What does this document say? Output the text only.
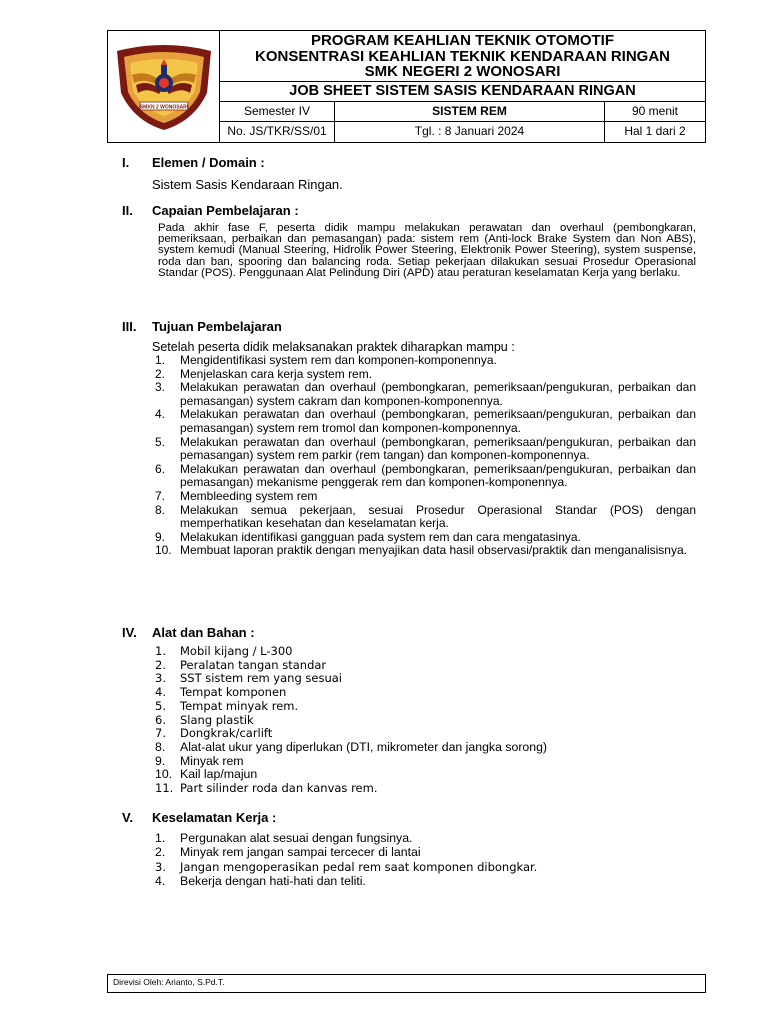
SMKN 2 WONOSARI
PROGRAM KEAHLIAN TEKNIK OTOMOTIF
KONSENTRASI KEAHLIAN TEKNIK KENDARAAN RINGAN
SMK NEGERI 2 WONOSARI
JOB SHEET SISTEM SASIS KENDARAAN RINGAN
Semester IV	SISTEM REM	90 menit
No. JS/TKR/SS/01	Tgl. : 8 Januari 2024	Hal 1 dari 2
I. Elemen / Domain :
Sistem Sasis Kendaraan Ringan.
II. Capaian Pembelajaran :
Pada akhir fase F, peserta didik mampu melakukan perawatan dan overhaul (pembongkaran, pemeriksaan, perbaikan dan pemasangan) pada: sistem rem (Anti-lock Brake System dan Non ABS), system kemudi (Manual Steering, Hidrolik Power Steering, Elektronik Power Steering), system suspense, roda dan ban, spooring dan balancing roda. Setiap pekerjaan dilakukan sesuai Prosedur Operasional Standar (POS). Penggunaan Alat Pelindung Diri (APD) atau peraturan keselamatan Kerja yang berlaku.
III. Tujuan Pembelajaran
Setelah peserta didik melaksanakan praktek diharapkan mampu :
1. Mengidentifikasi system rem dan komponen-komponennya.
2. Menjelaskan cara kerja system rem.
3. Melakukan perawatan dan overhaul (pembongkaran, pemeriksaan/pengukuran, perbaikan dan pemasangan) system cakram dan komponen-komponennya.
4. Melakukan perawatan dan overhaul (pembongkaran, pemeriksaan/pengukuran, perbaikan dan pemasangan) system rem tromol dan komponen-komponennya.
5. Melakukan perawatan dan overhaul (pembongkaran, pemeriksaan/pengukuran, perbaikan dan pemasangan) system rem parkir (rem tangan) dan komponen-komponennya.
6. Melakukan perawatan dan overhaul (pembongkaran, pemeriksaan/pengukuran, perbaikan dan pemasangan) mekanisme penggerak rem dan komponen-komponennya.
7. Membleeding system rem
8. Melakukan semua pekerjaan, sesuai Prosedur Operasional Standar (POS) dengan memperhatikan kesehatan dan keselamatan kerja.
9. Melakukan identifikasi gangguan pada system rem dan cara mengatasinya.
10. Membuat laporan praktik dengan menyajikan data hasil observasi/praktik dan menganalisisnya.
IV. Alat dan Bahan :
1. Mobil kijang / L-300
2. Peralatan tangan standar
3. SST sistem rem yang sesuai
4. Tempat komponen
5. Tempat minyak rem.
6. Slang plastik
7. Dongkrak/carlift
8. Alat-alat ukur yang diperlukan (DTI, mikrometer dan jangka sorong)
9. Minyak rem
10. Kail lap/majun
11. Part silinder roda dan kanvas rem.
V. Keselamatan Kerja :
1. Pergunakan alat sesuai dengan fungsinya.
2. Minyak rem jangan sampai tercecer di lantai
3. Jangan mengoperasikan pedal rem saat komponen dibongkar.
4. Bekerja dengan hati-hati dan teliti.
Direvisi Oleh: Arianto, S.Pd.T.
